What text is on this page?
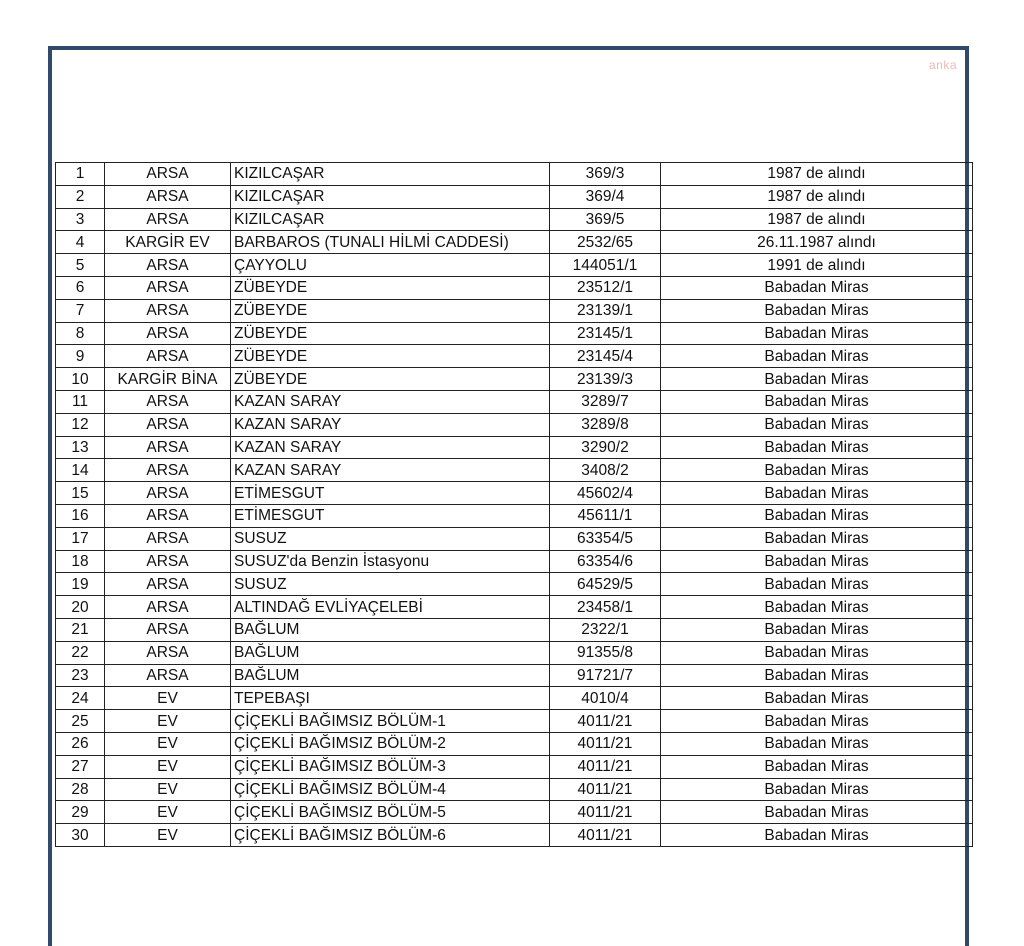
anka
1	ARSA	KIZILCAŞAR	369/3	1987 de alındı
2	ARSA	KIZILCAŞAR	369/4	1987 de alındı
3	ARSA	KIZILCAŞAR	369/5	1987 de alındı
4	KARGİR EV	BARBAROS (TUNALI HİLMİ CADDESİ)	2532/65	26.11.1987 alındı
5	ARSA	ÇAYYOLU	144051/1	1991 de alındı
6	ARSA	ZÜBEYDE	23512/1	Babadan Miras
7	ARSA	ZÜBEYDE	23139/1	Babadan Miras
8	ARSA	ZÜBEYDE	23145/1	Babadan Miras
9	ARSA	ZÜBEYDE	23145/4	Babadan Miras
10	KARGİR BİNA	ZÜBEYDE	23139/3	Babadan Miras
11	ARSA	KAZAN SARAY	3289/7	Babadan Miras
12	ARSA	KAZAN SARAY	3289/8	Babadan Miras
13	ARSA	KAZAN SARAY	3290/2	Babadan Miras
14	ARSA	KAZAN SARAY	3408/2	Babadan Miras
15	ARSA	ETİMESGUT	45602/4	Babadan Miras
16	ARSA	ETİMESGUT	45611/1	Babadan Miras
17	ARSA	SUSUZ	63354/5	Babadan Miras
18	ARSA	SUSUZ'da Benzin İstasyonu	63354/6	Babadan Miras
19	ARSA	SUSUZ	64529/5	Babadan Miras
20	ARSA	ALTINDAĞ EVLİYAÇELEBİ	23458/1	Babadan Miras
21	ARSA	BAĞLUM	2322/1	Babadan Miras
22	ARSA	BAĞLUM	91355/8	Babadan Miras
23	ARSA	BAĞLUM	91721/7	Babadan Miras
24	EV	TEPEBAŞI	4010/4	Babadan Miras
25	EV	ÇİÇEKLİ BAĞIMSIZ BÖLÜM-1	4011/21	Babadan Miras
26	EV	ÇİÇEKLİ BAĞIMSIZ BÖLÜM-2	4011/21	Babadan Miras
27	EV	ÇİÇEKLİ BAĞIMSIZ BÖLÜM-3	4011/21	Babadan Miras
28	EV	ÇİÇEKLİ BAĞIMSIZ BÖLÜM-4	4011/21	Babadan Miras
29	EV	ÇİÇEKLİ BAĞIMSIZ BÖLÜM-5	4011/21	Babadan Miras
30	EV	ÇİÇEKLİ BAĞIMSIZ BÖLÜM-6	4011/21	Babadan Miras
